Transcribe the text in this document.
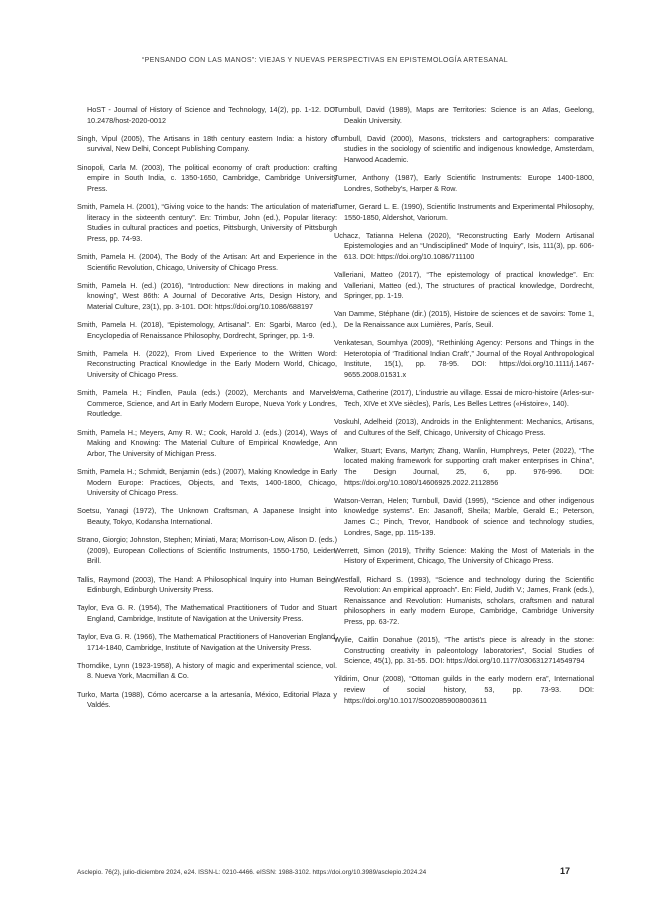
“PENSANDO CON LAS MANOS”: VIEJAS Y NUEVAS PERSPECTIVAS EN EPISTEMOLOGÍA ARTESANAL

HoST - Journal of History of Science and Technology, 14(2), pp. 1-12. DOI 10.2478/host-2020-0012

Singh, Vipul (2005), The Artisans in 18th century eastern India: a history of survival, New Delhi, Concept Publishing Company.

Sinopoli, Carla M. (2003), The political economy of craft production: crafting empire in South India, c. 1350-1650, Cambridge, Cambridge University Press.

Smith, Pamela H. (2001), “Giving voice to the hands: The articulation of material literacy in the sixteenth century”. En: Trimbur, John (ed.), Popular literacy: Studies in cultural practices and poetics, Pittsburgh, University of Pittsburgh Press, pp. 74-93.

Smith, Pamela H. (2004), The Body of the Artisan: Art and Experience in the Scientific Revolution, Chicago, University of Chicago Press.

Smith, Pamela H. (ed.) (2016), “Introduction: New directions in making and knowing”, West 86th: A Journal of Decorative Arts, Design History, and Material Culture, 23(1), pp. 3-101. DOI: https://doi.org/10.1086/688197

Smith, Pamela H. (2018), “Epistemology, Artisanal”. En: Sgarbi, Marco (ed.), Encyclopedia of Renaissance Philosophy, Dordrecht, Springer, pp. 1-9.

Smith, Pamela H. (2022), From Lived Experience to the Written Word: Reconstructing Practical Knowledge in the Early Modern World, Chicago, University of Chicago Press.

Smith, Pamela H.; Findlen, Paula (eds.) (2002), Merchants and Marvels: Commerce, Science, and Art in Early Modern Europe, Nueva York y Londres, Routledge.

Smith, Pamela H.; Meyers, Amy R. W.; Cook, Harold J. (eds.) (2014), Ways of Making and Knowing: The Material Culture of Empirical Knowledge, Ann Arbor, The University of Michigan Press.

Smith, Pamela H.; Schmidt, Benjamin (eds.) (2007), Making Knowledge in Early Modern Europe: Practices, Objects, and Texts, 1400-1800, Chicago, University of Chicago Press.

Soetsu, Yanagi (1972), The Unknown Craftsman, A Japanese Insight into Beauty, Tokyo, Kodansha International.

Strano, Giorgio; Johnston, Stephen; Miniati, Mara; Morrison-Low, Alison D. (eds.) (2009), European Collections of Scientific Instruments, 1550-1750, Leiden, Brill.

Tallis, Raymond (2003), The Hand: A Philosophical Inquiry into Human Being, Edinburgh, Edinburgh University Press.

Taylor, Eva G. R. (1954), The Mathematical Practitioners of Tudor and Stuart England, Cambridge, Institute of Navigation at the University Press.

Taylor, Eva G. R. (1966), The Mathematical Practitioners of Hanoverian England, 1714-1840, Cambridge, Institute of Navigation at the University Press.

Thorndike, Lynn (1923-1958), A history of magic and experimental science, vol. 8. Nueva York, Macmillan & Co.

Turko, Marta (1988), Cómo acercarse a la artesanía, México, Editorial Plaza y Valdés.

Turnbull, David (1989), Maps are Territories: Science is an Atlas, Geelong, Deakin University.

Turnbull, David (2000), Masons, tricksters and cartographers: comparative studies in the sociology of scientific and indigenous knowledge, Amsterdam, Harwood Academic.

Turner, Anthony (1987), Early Scientific Instruments: Europe 1400-1800, Londres, Sotheby’s, Harper & Row.

Turner, Gerard L. E. (1990), Scientific Instruments and Experimental Philosophy, 1550-1850, Aldershot, Variorum.

Uchacz, Tatianna Helena (2020), “Reconstructing Early Modern Artisanal Epistemologies and an “Undisciplined” Mode of Inquiry”, Isis, 111(3), pp. 606-613. DOI: https://doi.org/10.1086/711100

Valleriani, Matteo (2017), “The epistemology of practical knowledge”. En: Valleriani, Matteo (ed.), The structures of practical knowledge, Dordrecht, Springer, pp. 1-19.

Van Damme, Stéphane (dir.) (2015), Histoire de sciences et de savoirs: Tome 1, De la Renaissance aux Lumières, París, Seuil.

Venkatesan, Soumhya (2009), “Rethinking Agency: Persons and Things in the Heterotopia of ‘Traditional Indian Craft’,” Journal of the Royal Anthropological Institute, 15(1), pp. 78-95. DOI: https://doi.org/10.1111/j.1467-9655.2008.01531.x

Verna, Catherine (2017), L’industrie au village. Essai de micro-histoire (Arles-sur-Tech, XIVe et XVe siècles), París, Les Belles Lettres («Histoire», 140).

Voskuhl, Adelheid (2013), Androids in the Enlightenment: Mechanics, Artisans, and Cultures of the Self, Chicago, University of Chicago Press.

Walker, Stuart; Evans, Martyn; Zhang, Wanlin, Humphreys, Peter (2022), “The located making framework for supporting craft maker enterprises in China”, The Design Journal, 25, 6, pp. 976-996. DOI: https://doi.org/10.1080/14606925.2022.2112856

Watson-Verran, Helen; Turnbull, David (1995), “Science and other indigenous knowledge systems”. En: Jasanoff, Sheila; Marble, Gerald E.; Peterson, James C.; Pinch, Trevor, Handbook of science and technology studies, Londres, Sage, pp. 115-139.

Werrett, Simon (2019), Thrifty Science: Making the Most of Materials in the History of Experiment, Chicago, The University of Chicago Press.

Westfall, Richard S. (1993), “Science and technology during the Scientific Revolution: An empirical approach”. En: Field, Judith V.; James, Frank (eds.), Renaissance and Revolution: Humanists, scholars, craftsmen and natural philosophers in early modern Europe, Cambridge, Cambridge University Press, pp. 63-72.

Wylie, Caitlin Donahue (2015), “The artist’s piece is already in the stone: Constructing creativity in paleontology laboratories”, Social Studies of Science, 45(1), pp. 31-55. DOI: https://doi.org/10.1177/0306312714549794

Yildirim, Onur (2008), “Ottoman guilds in the early modern era”, International review of social history, 53, pp. 73-93. DOI: https://doi.org/10.1017/S0020859008003611

Asclepio. 76(2), julio-diciembre 2024, e24. ISSN-L: 0210-4466. eISSN: 1988-3102. https://doi.org/10.3989/asclepio.2024.24	17
